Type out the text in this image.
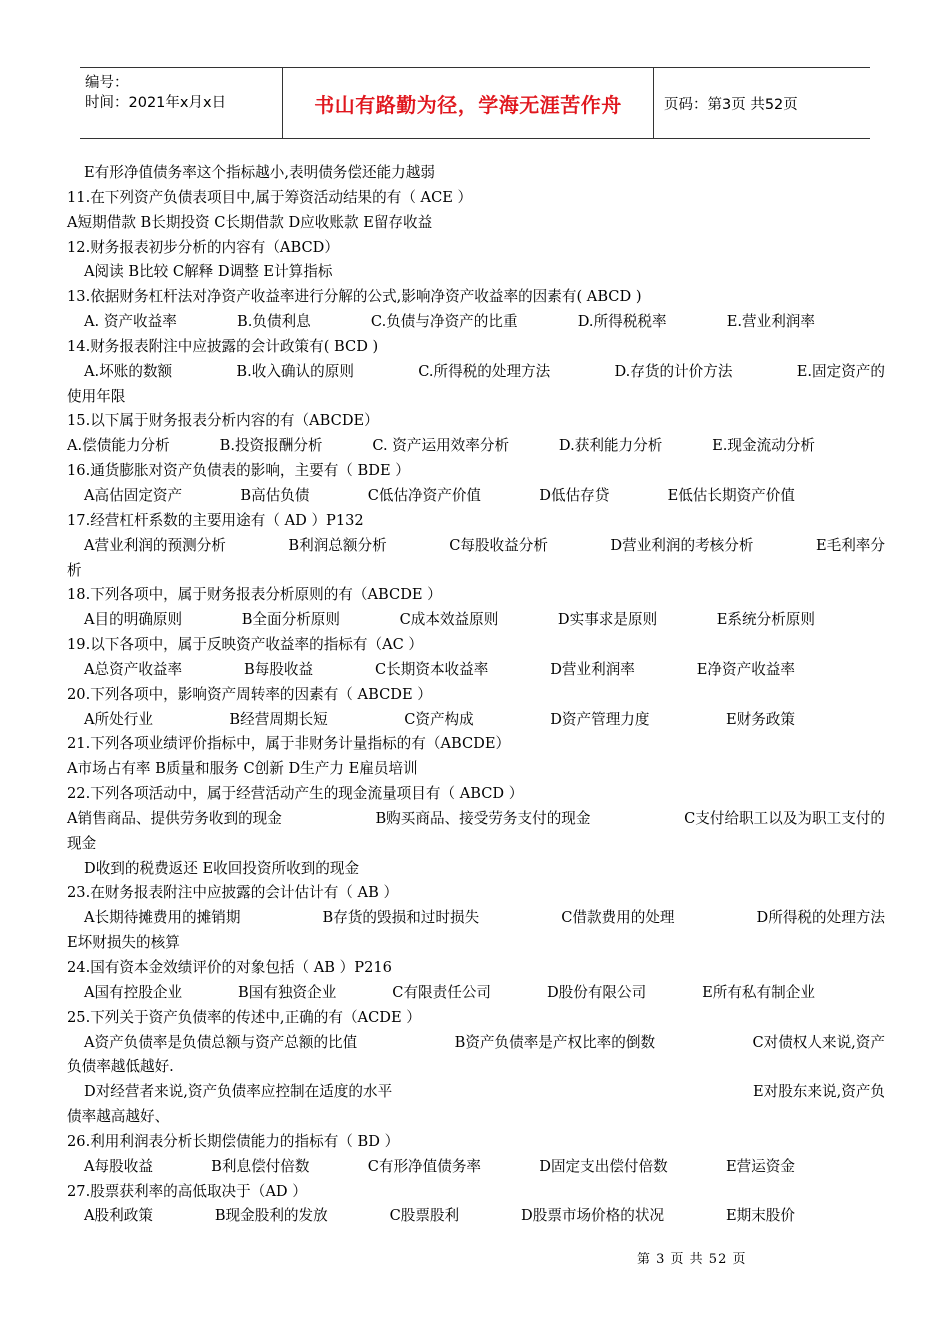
编号：
时间：2021年x月x日	书山有路勤为径，学海无涯苦作舟	页码：第3页 共52页
E有形净值债务率这个指标越小,表明债务偿还能力越弱
11.在下列资产负债表项目中,属于筹资活动结果的有（ ACE ）
A短期借款 B长期投资 C长期借款 D应收账款 E留存收益
12.财务报表初步分析的内容有（ABCD）
A阅读 B比较 C解释 D调整 E计算指标
13.依据财务杠杆法对净资产收益率进行分解的公式,影响净资产收益率的因素有( ABCD )
A. 资产收益率	B.负债利息	C.负债与净资产的比重	D.所得税税率	E.营业利润率
14.财务报表附注中应披露的会计政策有( BCD )
A.坏账的数额	B.收入确认的原则	C.所得税的处理方法	D.存货的计价方法	E.固定资产的
使用年限
15.以下属于财务报表分析内容的有（ABCDE）
A.偿债能力分析	B.投资报酬分析	C. 资产运用效率分析	D.获利能力分析	E.现金流动分析
16.通货膨胀对资产负债表的影响，主要有（ BDE ）
A高估固定资产	B高估负债	C低估净资产价值	D低估存贷	E低估长期资产价值
17.经营杠杆系数的主要用途有（ AD ）P132
A营业利润的预测分析	B利润总额分析	C每股收益分析	D营业利润的考核分析	E毛利率分
析
18.下列各项中，属于财务报表分析原则的有（ABCDE ）
A目的明确原则	B全面分析原则	C成本效益原则	D实事求是原则	E系统分析原则
19.以下各项中，属于反映资产收益率的指标有（AC ）
A总资产收益率	B每股收益	C长期资本收益率	D营业利润率	E净资产收益率
20.下列各项中，影响资产周转率的因素有（ ABCDE ）
A所处行业	B经营周期长短	C资产构成	D资产管理力度	E财务政策
21.下列各项业绩评价指标中，属于非财务计量指标的有（ABCDE）
A市场占有率 B质量和服务 C创新 D生产力 E雇员培训
22.下列各项活动中，属于经营活动产生的现金流量项目有（ ABCD ）
A销售商品、提供劳务收到的现金	B购买商品、接受劳务支付的现金	C支付给职工以及为职工支付的
现金
D收到的税费返还 E收回投资所收到的现金
23.在财务报表附注中应披露的会计估计有（ AB ）
A长期待摊费用的摊销期	B存货的毁损和过时损失	C借款费用的处理	D所得税的处理方法
E坏财损失的核算
24.国有资本金效绩评价的对象包括（ AB ）P216
A国有控股企业	B国有独资企业	C有限责任公司	D股份有限公司	E所有私有制企业
25.下列关于资产负债率的传述中,正确的有（ACDE ）
A资产负债率是负债总额与资产总额的比值	B资产负债率是产权比率的倒数	C对债权人来说,资产
负债率越低越好.
D对经营者来说,资产负债率应控制在适度的水平	E对股东来说,资产负
债率越高越好、
26.利用利润表分析长期偿债能力的指标有（ BD ）
A每股收益	B利息偿付倍数	C有形净值债务率	D固定支出偿付倍数	E营运资金
27.股票获利率的高低取决于（AD ）
A股利政策	B现金股利的发放	C股票股利	D股票市场价格的状况	E期末股价
第 3 页 共 52 页
